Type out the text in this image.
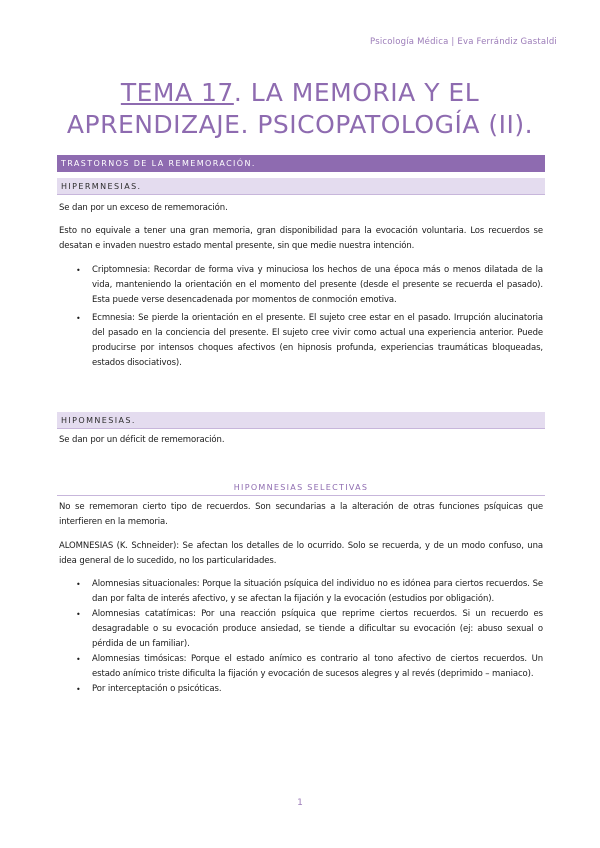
Psicología Médica | Eva Ferrándiz Gastaldi
TEMA 17. LA MEMORIA Y EL APRENDIZAJE. PSICOPATOLOGÍA (II).
TRASTORNOS DE LA REMEMORACIÓN.
HIPERMNESIAS.
Se dan por un exceso de rememoración.
Esto no equivale a tener una gran memoria, gran disponibilidad para la evocación voluntaria. Los recuerdos se desatan e invaden nuestro estado mental presente, sin que medie nuestra intención.
• Criptomnesia: Recordar de forma viva y minuciosa los hechos de una época más o menos dilatada de la vida, manteniendo la orientación en el momento del presente (desde el presente se recuerda el pasado). Esta puede verse desencadenada por momentos de conmoción emotiva.
• Ecmnesia: Se pierde la orientación en el presente. El sujeto cree estar en el pasado. Irrupción alucinatoria del pasado en la conciencia del presente. El sujeto cree vivir como actual una experiencia anterior. Puede producirse por intensos choques afectivos (en hipnosis profunda, experiencias traumáticas bloqueadas, estados disociativos).
HIPOMNESIAS.
Se dan por un déficit de rememoración.
HIPOMNESIAS SELECTIVAS
No se rememoran cierto tipo de recuerdos. Son secundarias a la alteración de otras funciones psíquicas que interfieren en la memoria.
ALOMNESIAS (K. Schneider): Se afectan los detalles de lo ocurrido. Solo se recuerda, y de un modo confuso, una idea general de lo sucedido, no los particularidades.
• Alomnesias situacionales: Porque la situación psíquica del individuo no es idónea para ciertos recuerdos. Se dan por falta de interés afectivo, y se afectan la fijación y la evocación (estudios por obligación).
• Alomnesias catatímicas: Por una reacción psíquica que reprime ciertos recuerdos. Si un recuerdo es desagradable o su evocación produce ansiedad, se tiende a dificultar su evocación (ej: abuso sexual o pérdida de un familiar).
• Alomnesias timósicas: Porque el estado anímico es contrario al tono afectivo de ciertos recuerdos. Un estado anímico triste dificulta la fijación y evocación de sucesos alegres y al revés (deprimido – maniaco).
• Por interceptación o psicóticas.
1
